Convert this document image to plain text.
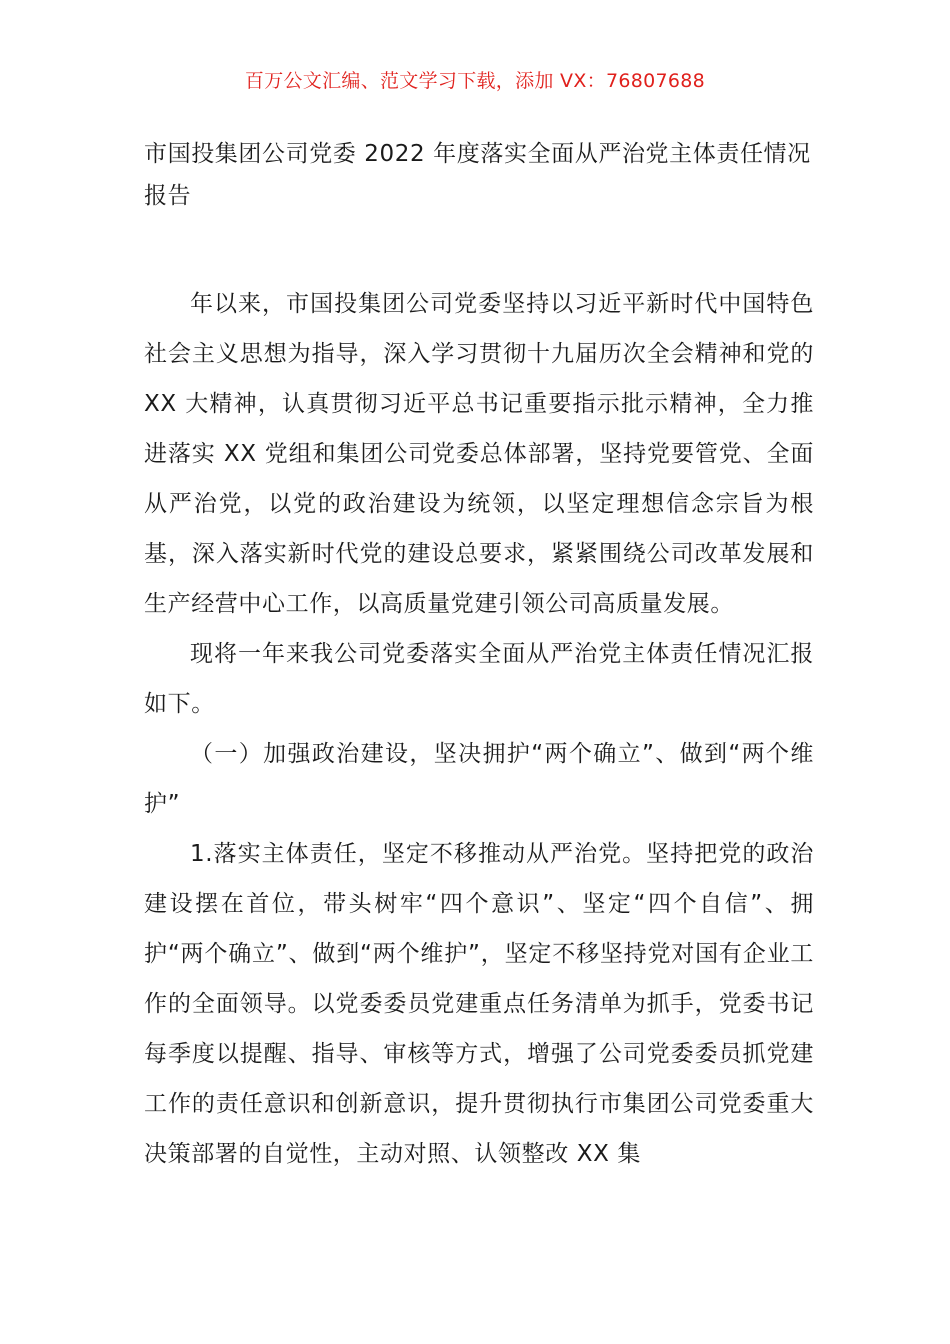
百万公文汇编、范文学习下载，添加 VX：76807688
市国投集团公司党委 2022 年度落实全面从严治党主体责任情况报告

年以来，市国投集团公司党委坚持以习近平新时代中国特色社会主义思想为指导，深入学习贯彻十九届历次全会精神和党的 XX 大精神，认真贯彻习近平总书记重要指示批示精神，全力推进落实 XX 党组和集团公司党委总体部署，坚持党要管党、全面从严治党，以党的政治建设为统领，以坚定理想信念宗旨为根基，深入落实新时代党的建设总要求，紧紧围绕公司改革发展和生产经营中心工作，以高质量党建引领公司高质量发展。

现将一年来我公司党委落实全面从严治党主体责任情况汇报如下。

（一）加强政治建设，坚决拥护“两个确立”、做到“两个维护”

1.落实主体责任，坚定不移推动从严治党。坚持把党的政治建设摆在首位，带头树牢“四个意识”、坚定“四个自信”、拥护“两个确立”、做到“两个维护”，坚定不移坚持党对国有企业工作的全面领导。以党委委员党建重点任务清单为抓手，党委书记每季度以提醒、指导、审核等方式，增强了公司党委委员抓党建工作的责任意识和创新意识，提升贯彻执行市集团公司党委重大决策部署的自觉性，主动对照、认领整改 XX 集
